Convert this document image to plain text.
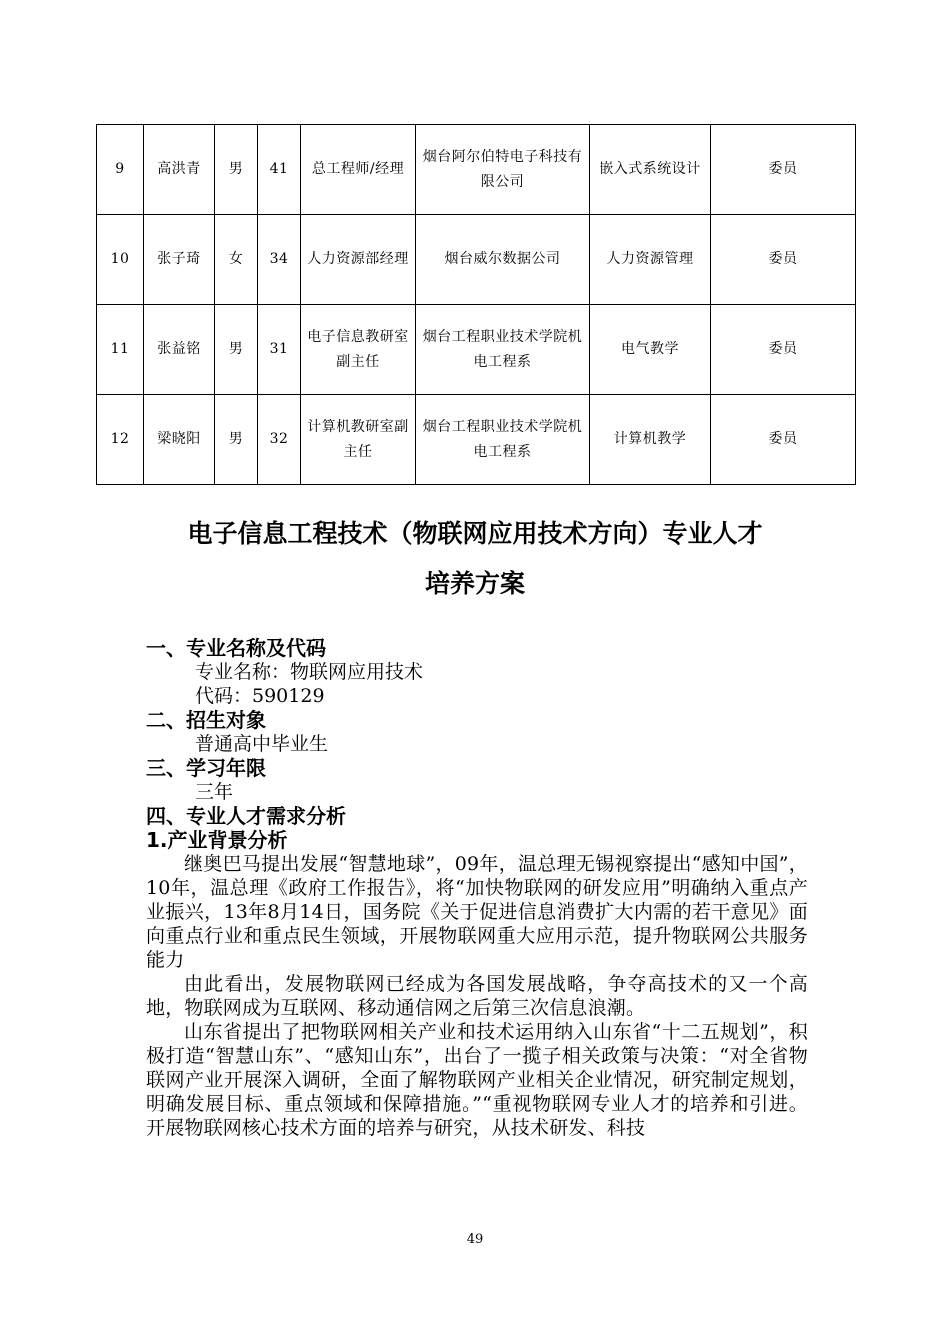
9	高洪青	男	41	总工程师/经理	烟台阿尔伯特电子科技有限公司	嵌入式系统设计	委员
10	张子琦	女	34	人力资源部经理	烟台威尔数据公司	人力资源管理	委员
11	张益铭	男	31	电子信息教研室副主任	烟台工程职业技术学院机电工程系	电气教学	委员
12	梁晓阳	男	32	计算机教研室副主任	烟台工程职业技术学院机电工程系	计算机教学	委员
电子信息工程技术（物联网应用技术方向）专业人才
培养方案
一、专业名称及代码
专业名称：物联网应用技术
代码：590129
二、招生对象
普通高中毕业生
三、学习年限
三年
四、专业人才需求分析
1.产业背景分析
继奥巴马提出发展“智慧地球”，09年，温总理无锡视察提出“感知中国”，10年，温总理《政府工作报告》，将“加快物联网的研发应用”明确纳入重点产业振兴，13年8月14日，国务院《关于促进信息消费扩大内需的若干意见》面向重点行业和重点民生领域，开展物联网重大应用示范，提升物联网公共服务能力
由此看出，发展物联网已经成为各国发展战略，争夺高技术的又一个高地，物联网成为互联网、移动通信网之后第三次信息浪潮。
山东省提出了把物联网相关产业和技术运用纳入山东省“十二五规划”，积极打造“智慧山东”、“感知山东”，出台了一揽子相关政策与决策：“对全省物联网产业开展深入调研，全面了解物联网产业相关企业情况，研究制定规划，明确发展目标、重点领域和保障措施。”“重视物联网专业人才的培养和引进。开展物联网核心技术方面的培养与研究，从技术研发、科技
49
